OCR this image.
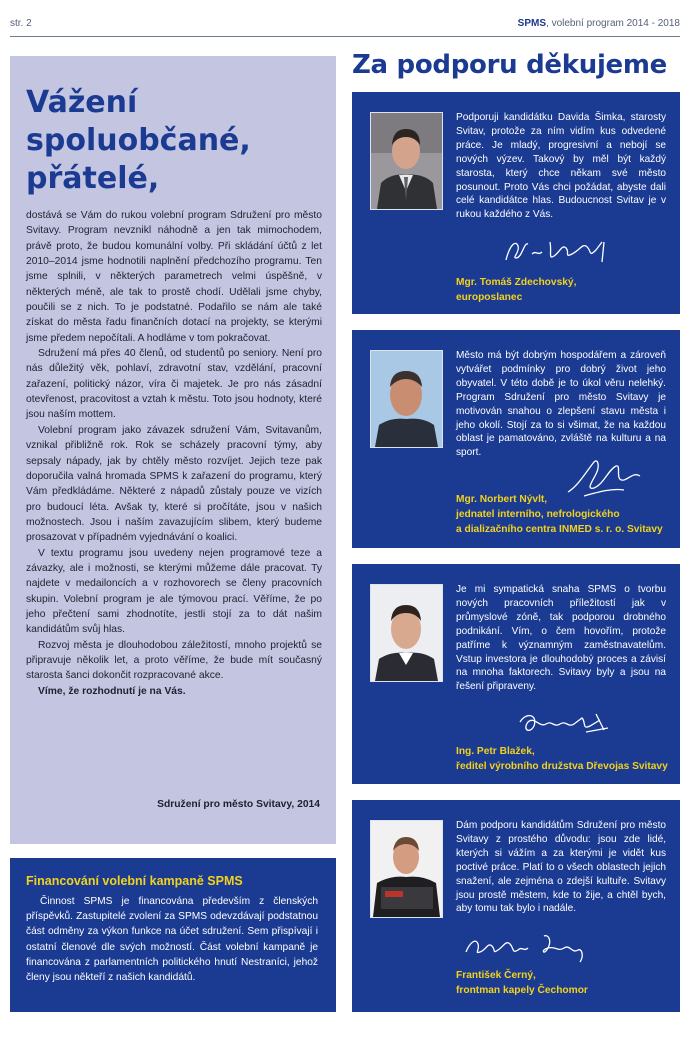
str. 2	SPMS, volební program 2014 - 2018
Vážení
spoluobčané,
přátelé,

dostává se Vám do rukou volební program Sdružení pro město Svitavy. Program nevznikl náhodně a jen tak mimochodem, právě proto, že budou komunální volby. Při skládání účtů z let 2010–2014 jsme hodnotili naplnění předchozího programu. Ten jsme splnili, v některých parametrech velmi úspěšně, v některých méně, ale tak to prostě chodí. Udělali jsme chyby, poučili se z nich. To je podstatné. Podařilo se nám ale také získat do města řadu finančních dotací na projekty, se kterými jsme předem nepočítali. A hodláme v tom pokračovat.

Sdružení má přes 40 členů, od studentů po seniory. Není pro nás důležitý věk, pohlaví, zdravotní stav, vzdělání, pracovní zařazení, politický názor, víra či majetek. Je pro nás zásadní otevřenost, pracovitost a vztah k městu. Toto jsou hodnoty, které jsou naším mottem.

Volební program jako závazek sdružení Vám, Svitavanům, vznikal přibližně rok. Rok se scházely pracovní týmy, aby sepsaly nápady, jak by chtěly město rozvíjet. Jejich teze pak doporučila valná hromada SPMS k zařazení do programu, který Vám předkládáme. Některé z nápadů zůstaly pouze ve vizích pro budoucí léta. Avšak ty, které si pročítáte, jsou v našich možnostech. Jsou i naším zavazujícím slibem, který budeme prosazovat v případném vyjednávání o koalici.

V textu programu jsou uvedeny nejen programové teze a závazky, ale i možnosti, se kterými můžeme dále pracovat. Ty najdete v medailoncích a v rozhovorech se členy pracovních skupin. Volební program je ale týmovou prací. Věříme, že po jeho přečtení sami zhodnotíte, jestli stojí za to dát našim kandidátům svůj hlas.

Rozvoj města je dlouhodobou záležitostí, mnoho projektů se připravuje několik let, a proto věříme, že bude mít současný starosta šanci dokončit rozpracované akce.

Víme, že rozhodnutí je na Vás.

Sdružení pro město Svitavy, 2014
Financování volební kampaně SPMS
Činnost SPMS je financována především z členských příspěvků. Zastupitelé zvolení za SPMS odevzdávají podstatnou část odměny za výkon funkce na účet sdružení. Sem přispívají i ostatní členové dle svých možností. Část volební kampaně je financována z parlamentních politického hnutí Nestraníci, jehož členy jsou někteří z našich kandidátů.
Za podporu děkujeme
Podporuji kandidátku Davida Šimka, starosty Svitav, protože za ním vidím kus odvedené práce. Je mladý, progresivní a nebojí se nových výzev. Takový by měl být každý starosta, který chce někam své město posunout. Proto Vás chci požádat, abyste dali celé kandidátce hlas. Budoucnost Svitav je v rukou každého z Vás.
Mgr. Tomáš Zdechovský,
europoslanec
Město má být dobrým hospodářem a zároveň vytvářet podmínky pro dobrý život jeho obyvatel. V této době je to úkol věru nelehký. Program Sdružení pro město Svitavy je motivován snahou o zlepšení stavu města i jeho okolí. Stojí za to si všimat, že na každou oblast je pamatováno, zvláště na kulturu a na sport.
Mgr. Norbert Nývlt,
jednatel interního, nefrologického
a dializačního centra INMED s. r. o. Svitavy
Je mi sympatická snaha SPMS o tvorbu nových pracovních příležitostí jak v průmyslové zóně, tak podporou drobného podnikání. Vím, o čem hovořím, protože patříme k významným zaměstnavatelům. Vstup investora je dlouhodobý proces a závisí na mnoha faktorech. Svitavy byly a jsou na řešení připraveny.
Ing. Petr Blažek,
ředitel výrobního družstva Dřevojas Svitavy
Dám podporu kandidátům Sdružení pro město Svitavy z prostého důvodu: jsou zde lidé, kterých si vážím a za kterými je vidět kus poctivé práce. Platí to o všech oblastech jejich snažení, ale zejména o zdejší kultuře. Svitavy jsou prostě městem, kde to žije, a chtěl bych, aby tomu tak bylo i nadále.
František Černý,
frontman kapely Čechomor
